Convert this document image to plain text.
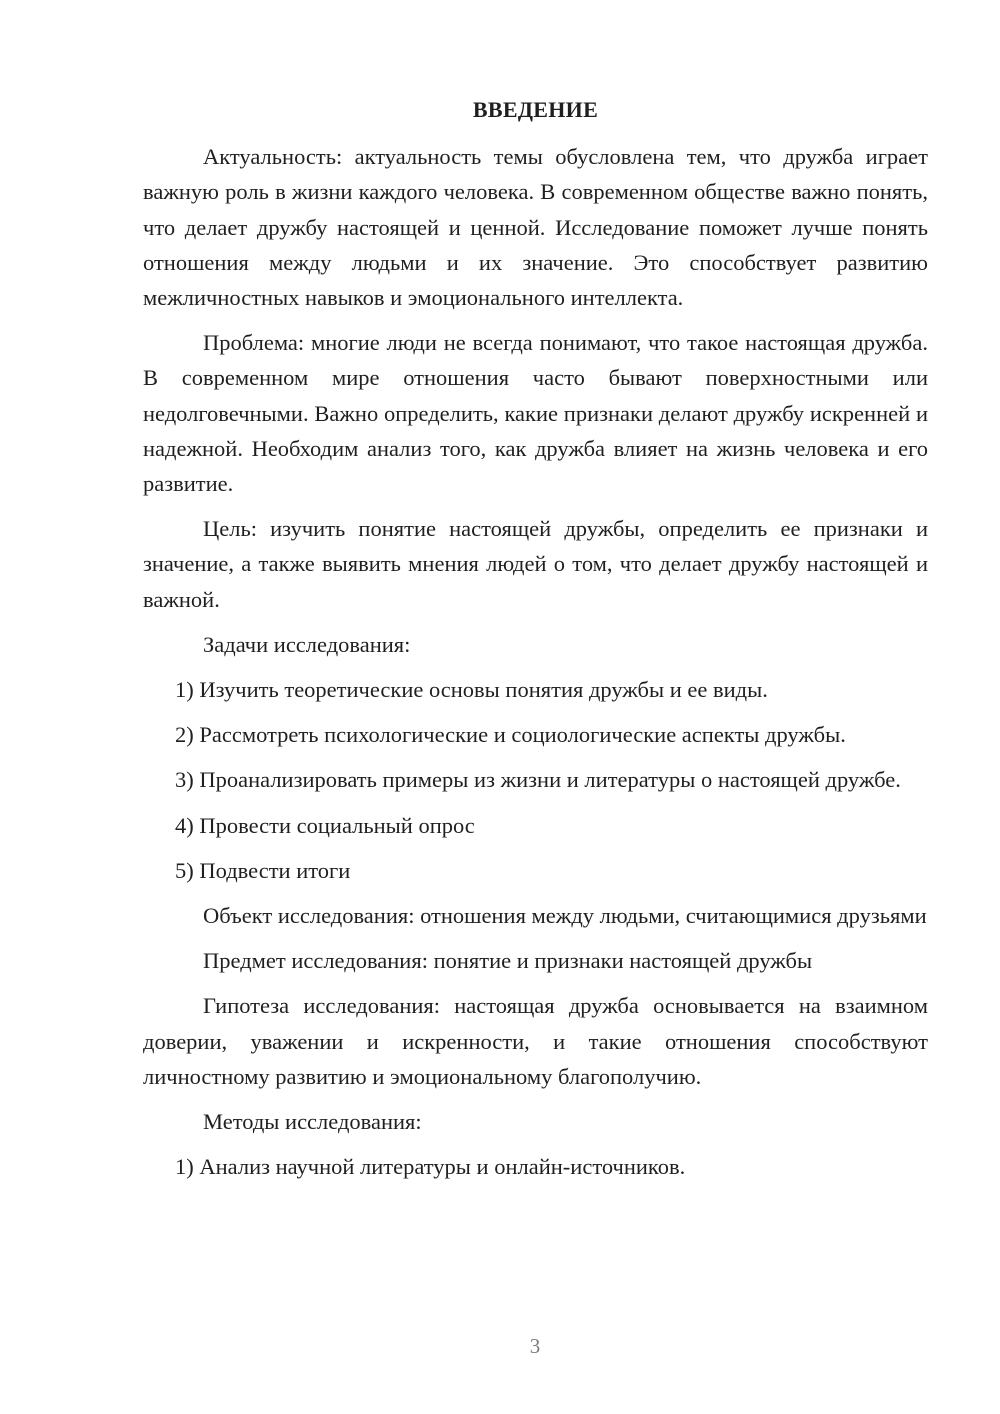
ВВЕДЕНИЕ
Актуальность: актуальность темы обусловлена тем, что дружба играет важную роль в жизни каждого человека. В современном обществе важно понять, что делает дружбу настоящей и ценной. Исследование поможет лучше понять отношения между людьми и их значение. Это способствует развитию межличностных навыков и эмоционального интеллекта.
Проблема: многие люди не всегда понимают, что такое настоящая дружба. В современном мире отношения часто бывают поверхностными или недолговечными. Важно определить, какие признаки делают дружбу искренней и надежной. Необходим анализ того, как дружба влияет на жизнь человека и его развитие.
Цель: изучить понятие настоящей дружбы, определить ее признаки и значение, а также выявить мнения людей о том, что делает дружбу настоящей и важной.
Задачи исследования:
1) Изучить теоретические основы понятия дружбы и ее виды.
2) Рассмотреть психологические и социологические аспекты дружбы.
3) Проанализировать примеры из жизни и литературы о настоящей дружбе.
4) Провести социальный опрос
5) Подвести итоги
Объект исследования: отношения между людьми, считающимися друзьями
Предмет исследования: понятие и признаки настоящей дружбы
Гипотеза исследования: настоящая дружба основывается на взаимном доверии, уважении и искренности, и такие отношения способствуют личностному развитию и эмоциональному благополучию.
Методы исследования:
1) Анализ научной литературы и онлайн-источников.
3
